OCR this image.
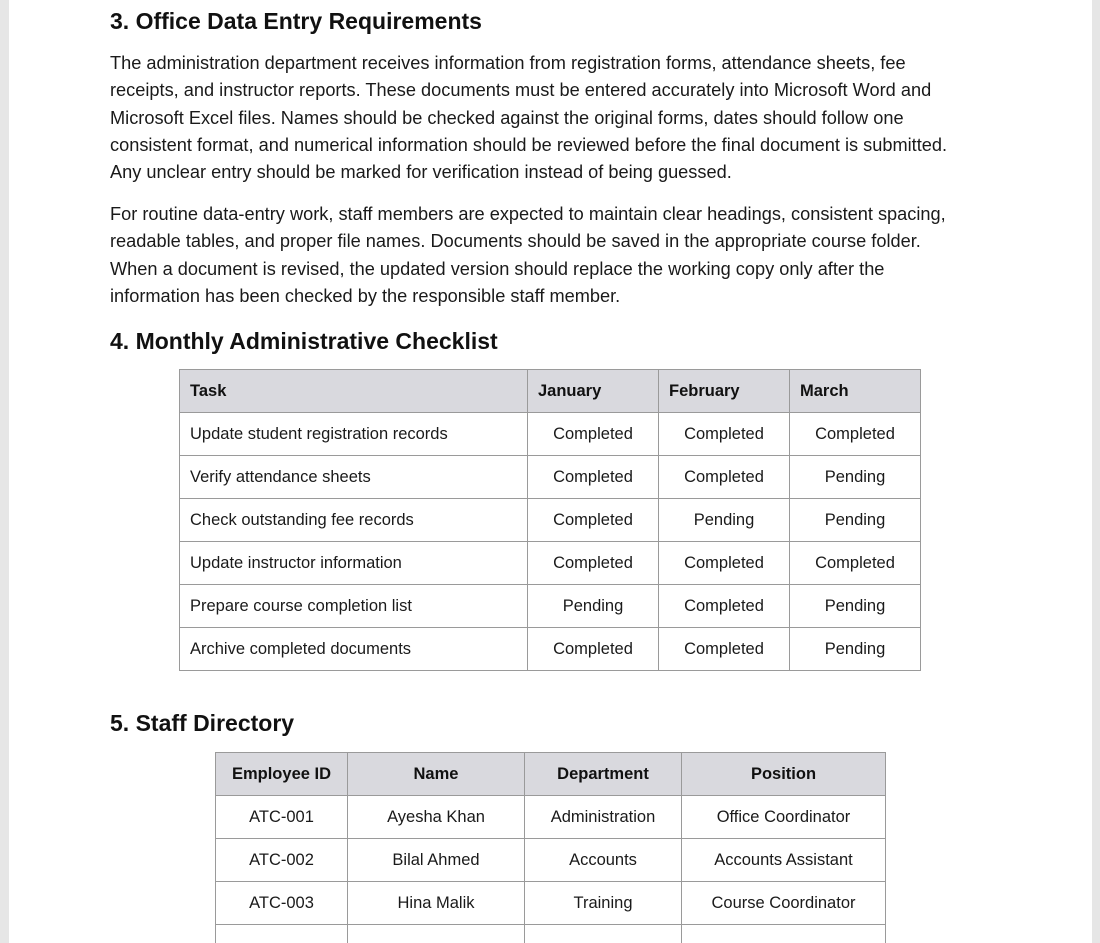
3. Office Data Entry Requirements
The administration department receives information from registration forms, attendance sheets, fee
receipts, and instructor reports. These documents must be entered accurately into Microsoft Word and
Microsoft Excel files. Names should be checked against the original forms, dates should follow one
consistent format, and numerical information should be reviewed before the final document is submitted.
Any unclear entry should be marked for verification instead of being guessed.
For routine data-entry work, staff members are expected to maintain clear headings, consistent spacing,
readable tables, and proper file names. Documents should be saved in the appropriate course folder.
When a document is revised, the updated version should replace the working copy only after the
information has been checked by the responsible staff member.
4. Monthly Administrative Checklist
Task	January	February	March
Update student registration records	Completed	Completed	Completed
Verify attendance sheets	Completed	Completed	Pending
Check outstanding fee records	Completed	Pending	Pending
Update instructor information	Completed	Completed	Completed
Prepare course completion list	Pending	Completed	Pending
Archive completed documents	Completed	Completed	Pending
5. Staff Directory
Employee ID	Name	Department	Position
ATC-001	Ayesha Khan	Administration	Office Coordinator
ATC-002	Bilal Ahmed	Accounts	Accounts Assistant
ATC-003	Hina Malik	Training	Course Coordinator
